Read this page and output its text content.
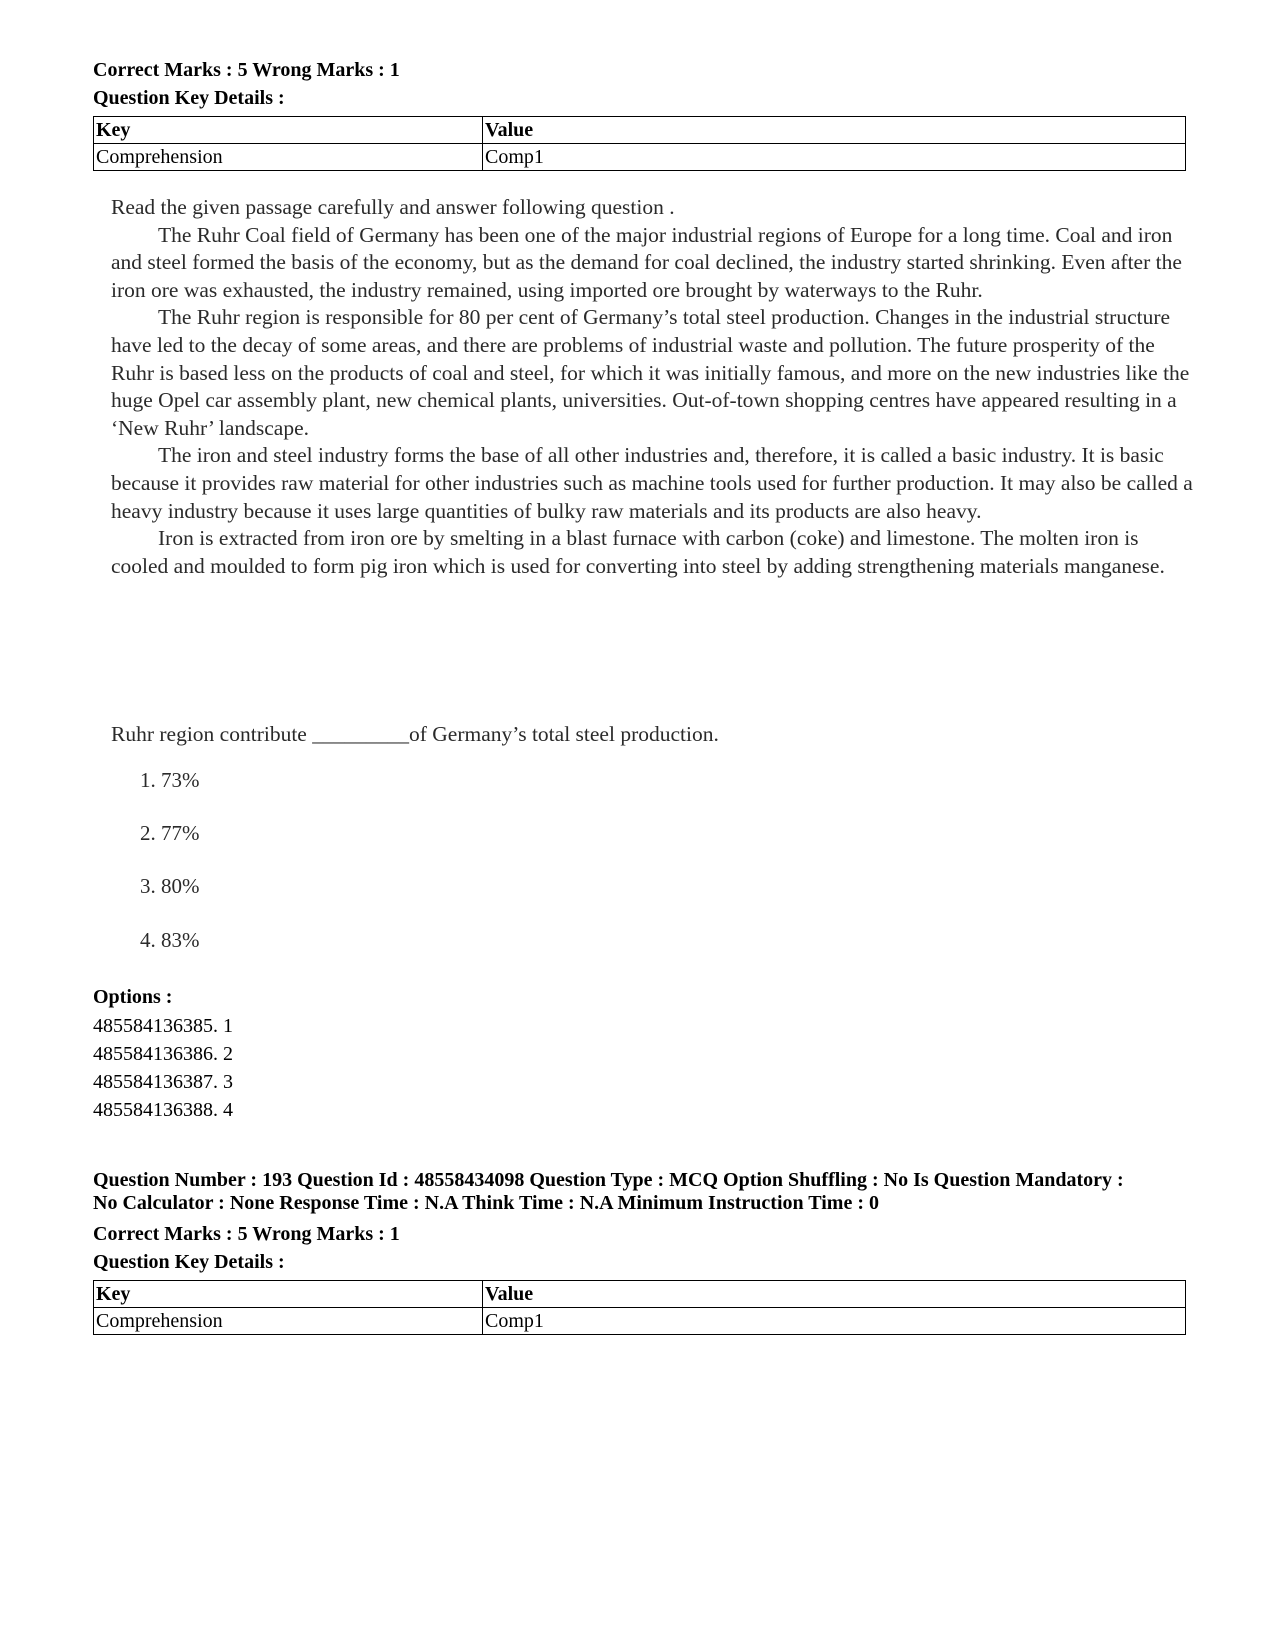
Correct Marks : 5 Wrong Marks : 1
Question Key Details :
Key	Value
Comprehension	Comp1

Read the given passage carefully and answer following question .

The Ruhr Coal field of Germany has been one of the major industrial regions of Europe for a long time. Coal and iron and steel formed the basis of the economy, but as the demand for coal declined, the industry started shrinking. Even after the iron ore was exhausted, the industry remained, using imported ore brought by waterways to the Ruhr.

The Ruhr region is responsible for 80 per cent of Germany’s total steel production. Changes in the industrial structure have led to the decay of some areas, and there are problems of industrial waste and pollution. The future prosperity of the Ruhr is based less on the products of coal and steel, for which it was initially famous, and more on the new industries like the huge Opel car assembly plant, new chemical plants, universities. Out-of-town shopping centres have appeared resulting in a ‘New Ruhr’ landscape.

The iron and steel industry forms the base of all other industries and, therefore, it is called a basic industry. It is basic because it provides raw material for other industries such as machine tools used for further production. It may also be called a heavy industry because it uses large quantities of bulky raw materials and its products are also heavy.

Iron is extracted from iron ore by smelting in a blast furnace with carbon (coke) and limestone. The molten iron is cooled and moulded to form pig iron which is used for converting into steel by adding strengthening materials manganese.

Ruhr region contribute _________of Germany’s total steel production.
1. 73%
2. 77%
3. 80%
4. 83%
Options :
485584136385. 1
485584136386. 2
485584136387. 3
485584136388. 4
Question Number : 193 Question Id : 48558434098 Question Type : MCQ Option Shuffling : No Is Question Mandatory :
No Calculator : None Response Time : N.A Think Time : N.A Minimum Instruction Time : 0
Correct Marks : 5 Wrong Marks : 1
Question Key Details :
Key	Value
Comprehension	Comp1
